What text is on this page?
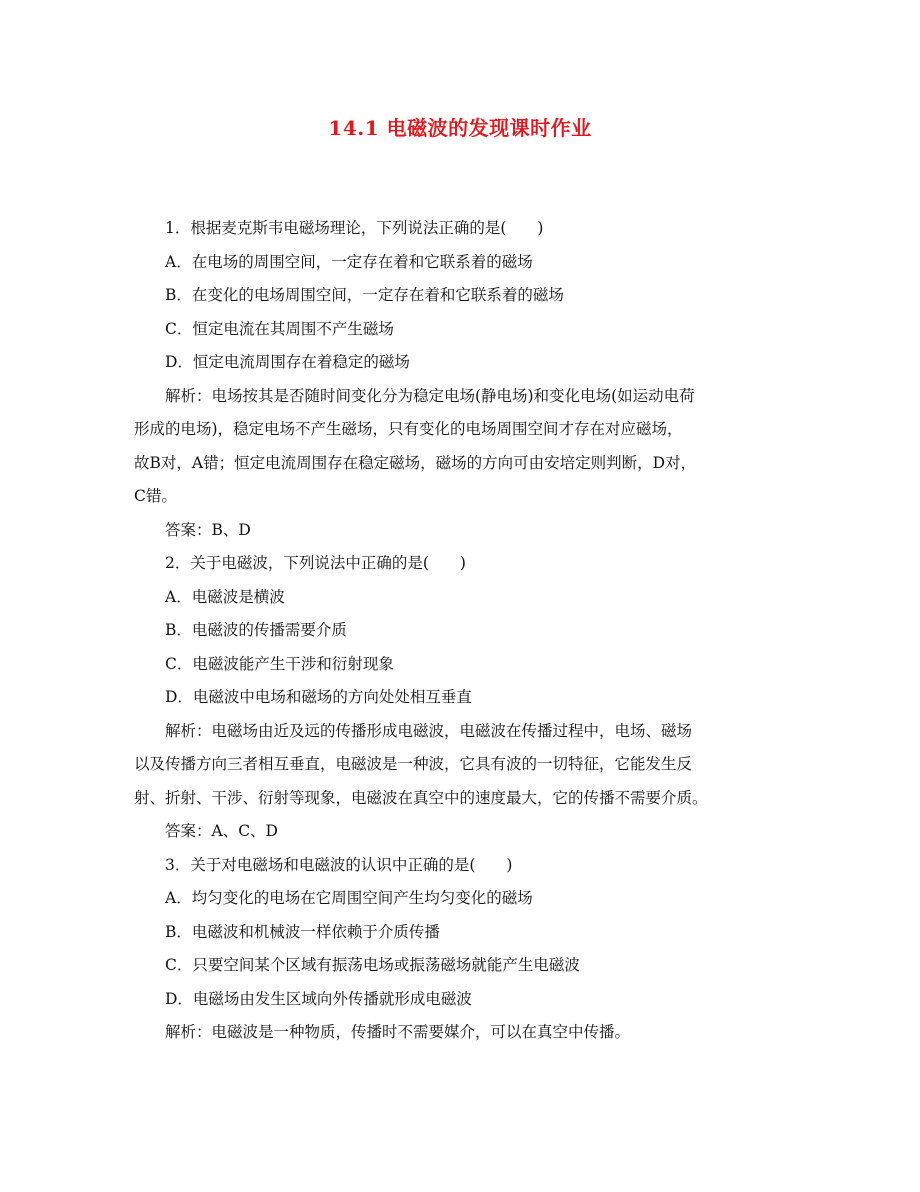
14.1 电磁波的发现课时作业
1．根据麦克斯韦电磁场理论，下列说法正确的是(　　)
A．在电场的周围空间，一定存在着和它联系着的磁场
B．在变化的电场周围空间，一定存在着和它联系着的磁场
C．恒定电流在其周围不产生磁场
D．恒定电流周围存在着稳定的磁场
解析：电场按其是否随时间变化分为稳定电场(静电场)和变化电场(如运动电荷
形成的电场)，稳定电场不产生磁场，只有变化的电场周围空间才存在对应磁场，
故B对，A错；恒定电流周围存在稳定磁场，磁场的方向可由安培定则判断，D对，
C错。
答案：B、D
2．关于电磁波，下列说法中正确的是(　　)
A．电磁波是横波
B．电磁波的传播需要介质
C．电磁波能产生干涉和衍射现象
D．电磁波中电场和磁场的方向处处相互垂直
解析：电磁场由近及远的传播形成电磁波，电磁波在传播过程中，电场、磁场
以及传播方向三者相互垂直，电磁波是一种波，它具有波的一切特征，它能发生反
射、折射、干涉、衍射等现象，电磁波在真空中的速度最大，它的传播不需要介质。
答案：A、C、D
3．关于对电磁场和电磁波的认识中正确的是(　　)
A．均匀变化的电场在它周围空间产生均匀变化的磁场
B．电磁波和机械波一样依赖于介质传播
C．只要空间某个区域有振荡电场或振荡磁场就能产生电磁波
D．电磁场由发生区域向外传播就形成电磁波
解析：电磁波是一种物质，传播时不需要媒介，可以在真空中传播。
